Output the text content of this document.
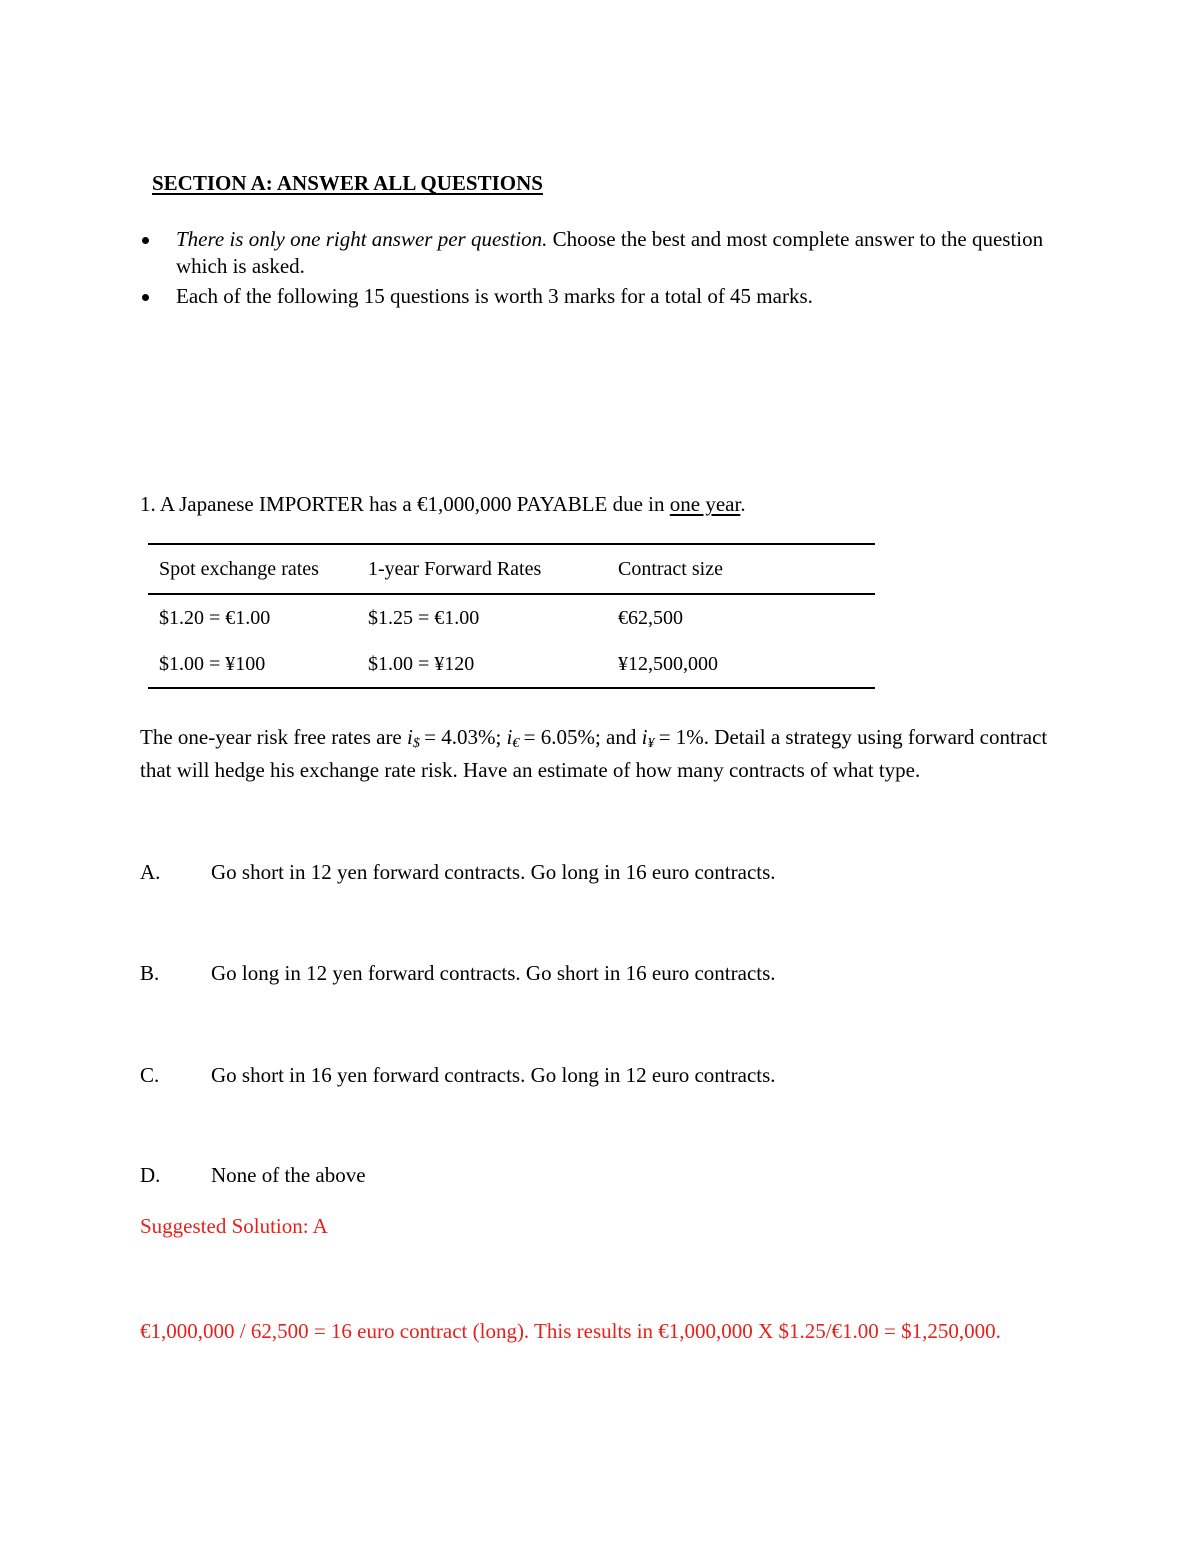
SECTION A: ANSWER ALL QUESTIONS
There is only one right answer per question. Choose the best and most complete answer to the question which is asked.
Each of the following 15 questions is worth 3 marks for a total of 45 marks.
1. A Japanese IMPORTER has a €1,000,000 PAYABLE due in one year.
Spot exchange rates	1-year Forward Rates	Contract size
$1.20 = €1.00	$1.25 = €1.00	€62,500
$1.00 = ¥100	$1.00 = ¥120	¥12,500,000
The one-year risk free rates are $i_{\$} = 4.03\%$; $i_€ = 6.05\%$; and $i_¥ = 1\%$. Detail a strategy using forward contract that will hedge his exchange rate risk. Have an estimate of how many contracts of what type.
A. Go short in 12 yen forward contracts. Go long in 16 euro contracts.
B. Go long in 12 yen forward contracts. Go short in 16 euro contracts.
C. Go short in 16 yen forward contracts. Go long in 12 euro contracts.
D. None of the above
Suggested Solution: A
€1,000,000 / 62,500 = 16 euro contract (long). This results in €1,000,000 X $1.25/€1.00 = $1,250,000.
